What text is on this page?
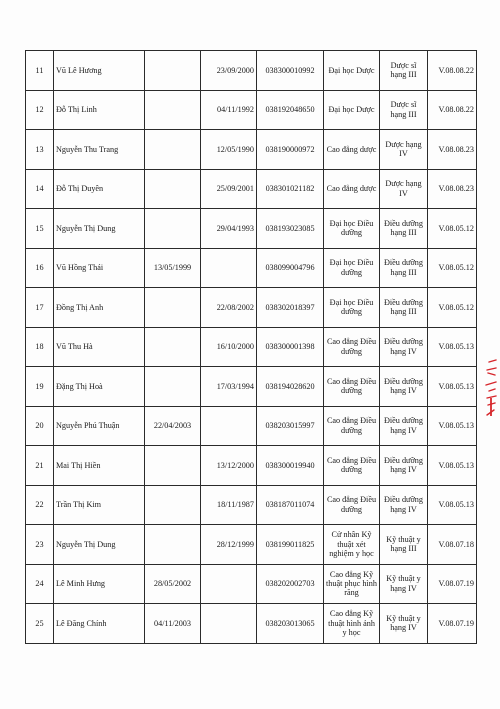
11	Vũ Lê Hương		23/09/2000	038300010992	Đại học Dược	Dược sĩ hạng III	V.08.08.22
12	Đỗ Thị Linh		04/11/1992	038192048650	Đại học Dược	Dược sĩ hạng III	V.08.08.22
13	Nguyễn Thu Trang		12/05/1990	038190000972	Cao đẳng dược	Dược hạng IV	V.08.08.23
14	Đỗ Thị Duyên		25/09/2001	038301021182	Cao đẳng dược	Dược hạng IV	V.08.08.23
15	Nguyễn Thị Dung		29/04/1993	038193023085	Đại học Điều dưỡng	Điều dưỡng hạng III	V.08.05.12
16	Vũ Hồng Thái	13/05/1999		038099004796	Đại học Điều dưỡng	Điều dưỡng hạng III	V.08.05.12
17	Đồng Thị Anh		22/08/2002	038302018397	Đại học Điều dưỡng	Điều dưỡng hạng III	V.08.05.12
18	Vũ Thu Hà		16/10/2000	038300001398	Cao đẳng Điều dưỡng	Điều dưỡng hạng IV	V.08.05.13
19	Đặng Thị Hoà		17/03/1994	038194028620	Cao đẳng Điều dưỡng	Điều dưỡng hạng IV	V.08.05.13
20	Nguyễn Phú Thuận	22/04/2003		038203015997	Cao đẳng Điều dưỡng	Điều dưỡng hạng IV	V.08.05.13
21	Mai Thị Hiền		13/12/2000	038300019940	Cao đẳng Điều dưỡng	Điều dưỡng hạng IV	V.08.05.13
22	Trần Thị Kim		18/11/1987	038187011074	Cao đẳng Điều dưỡng	Điều dưỡng hạng IV	V.08.05.13
23	Nguyễn Thị Dung		28/12/1999	038199011825	Cử nhân Kỹ thuật xét nghiệm y học	Kỹ thuật y hạng III	V.08.07.18
24	Lê Minh Hưng	28/05/2002		038202002703	Cao đẳng Kỹ thuật phục hình răng	Kỹ thuật y hạng IV	V.08.07.19
25	Lê Đăng Chính	04/11/2003		038203013065	Cao đẳng Kỹ thuật hình ảnh y học	Kỹ thuật y hạng IV	V.08.07.19
